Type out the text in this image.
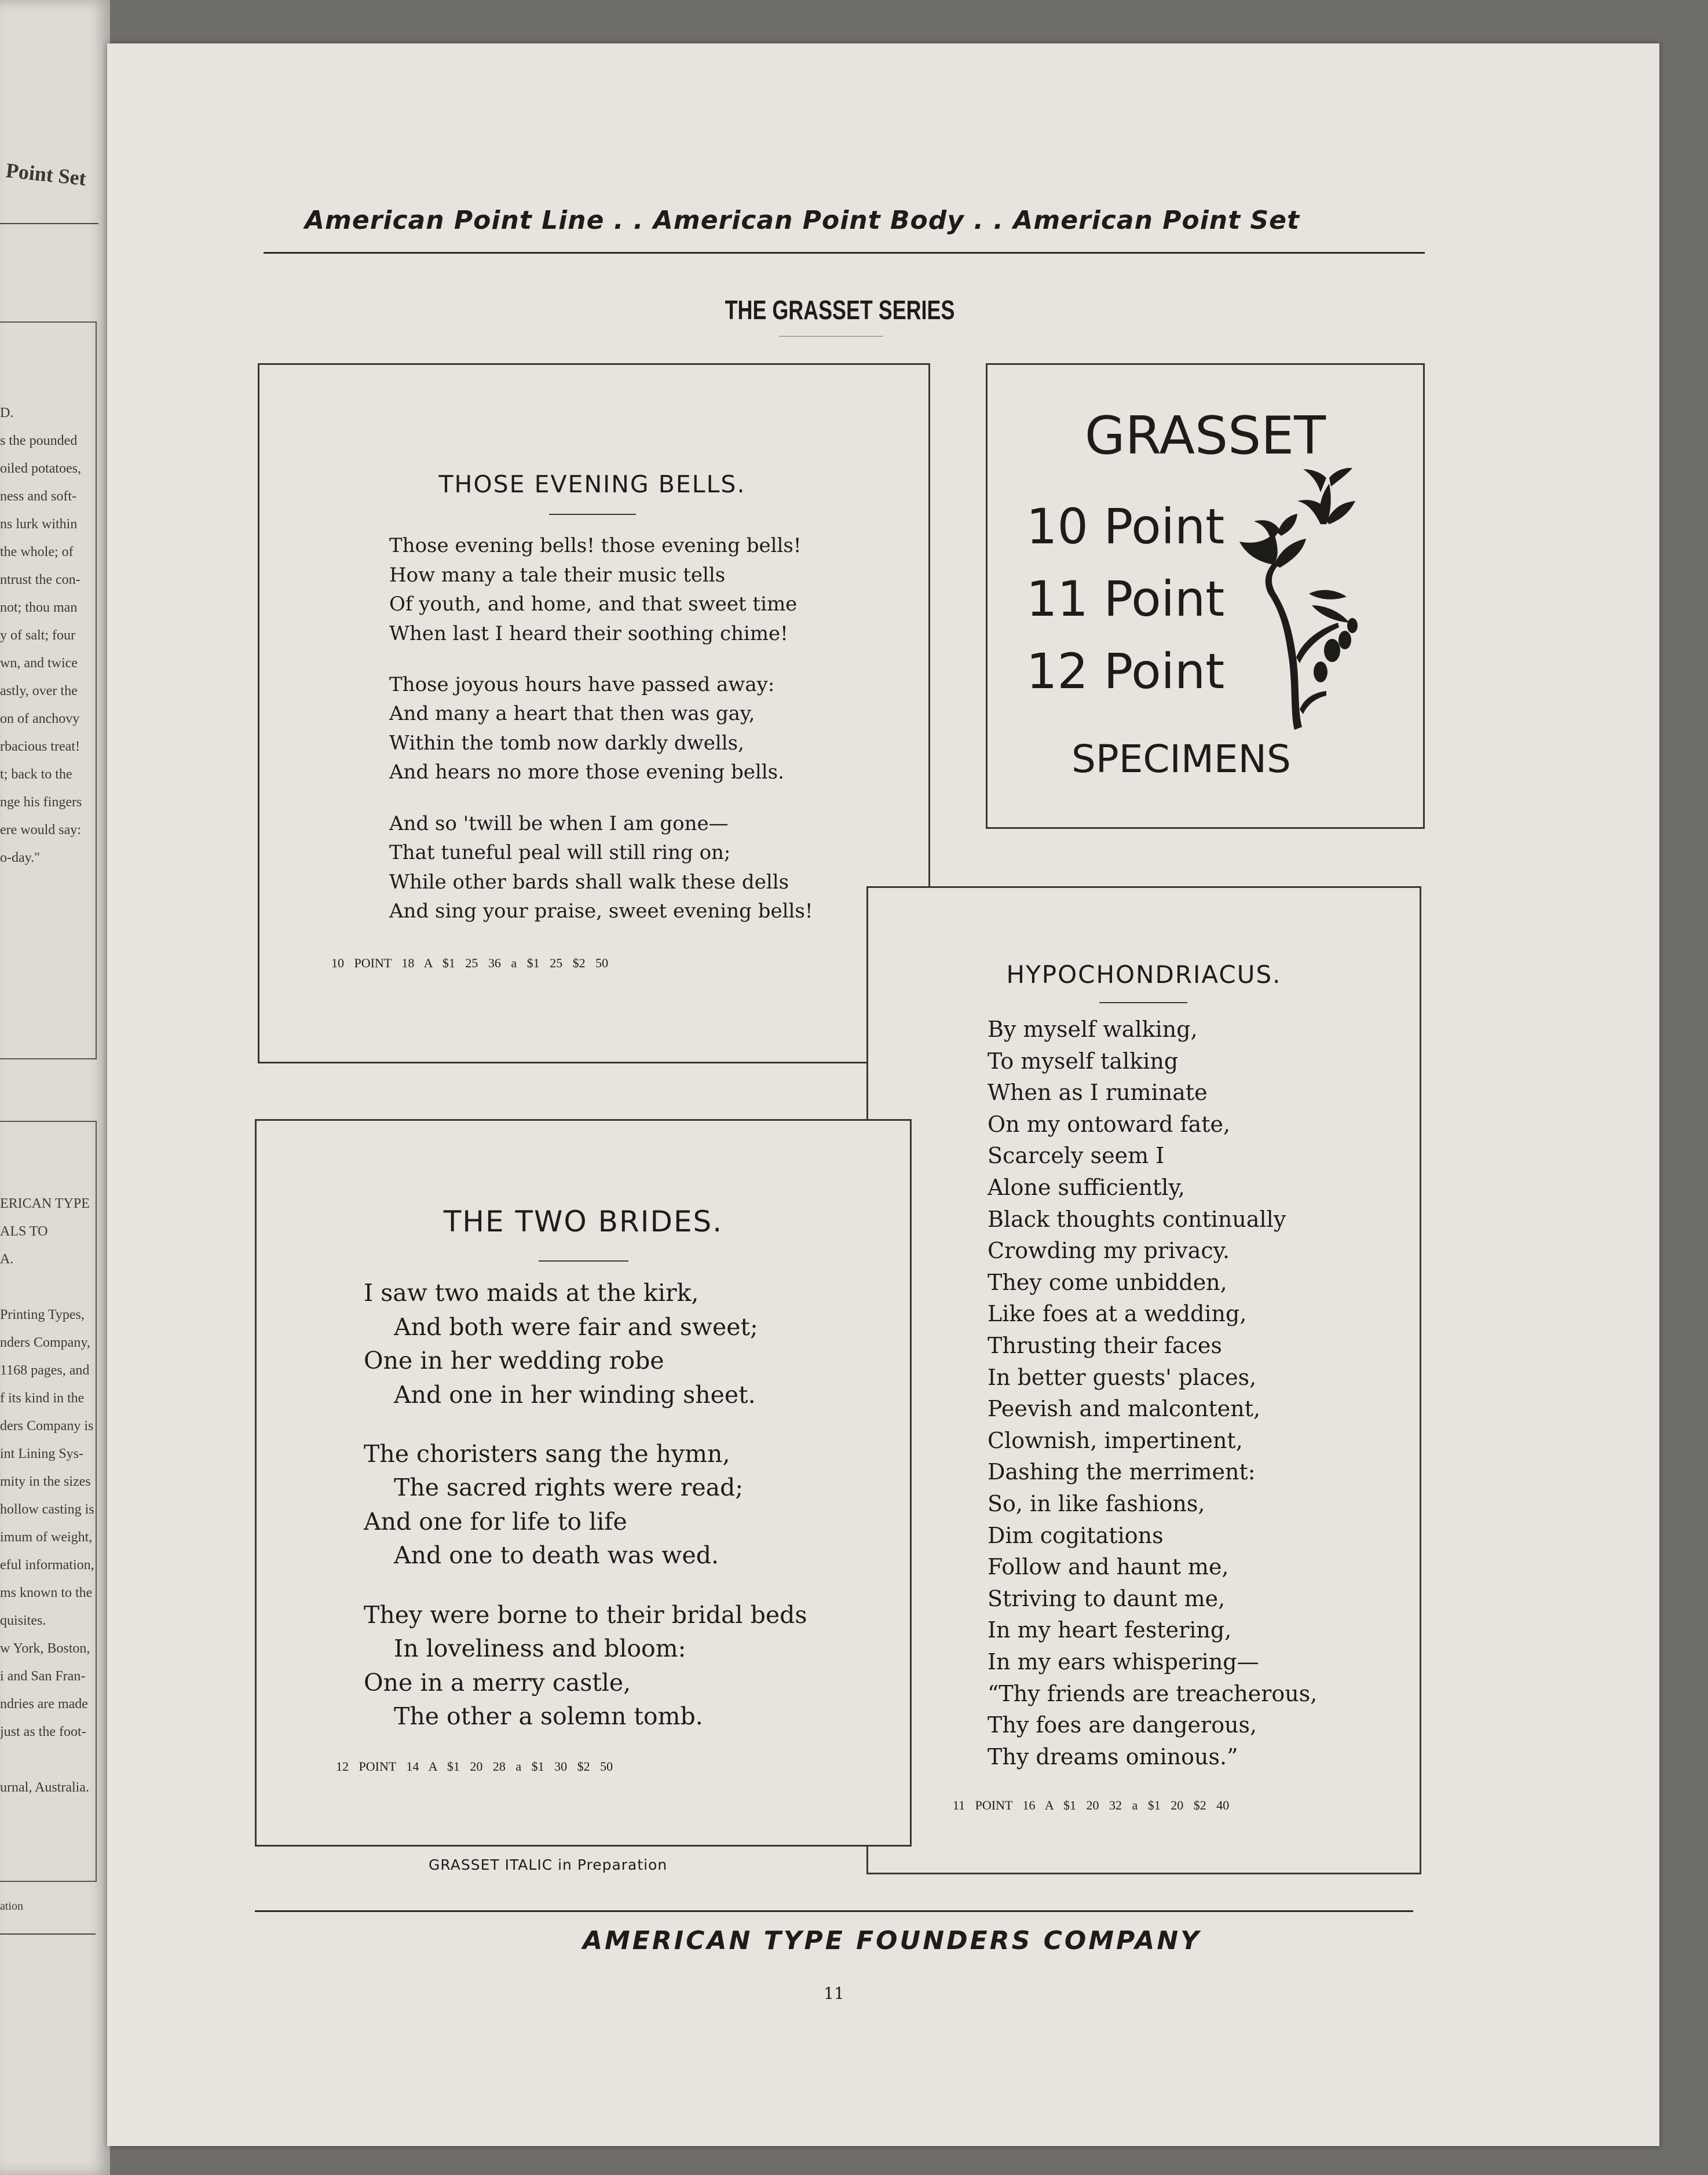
Point Set
D.
s the pounded
oiled potatoes,
ness and soft-
ns lurk within
the whole; of
ntrust the con-
not; thou man
y of salt; four
wn, and twice
astly, over the
on of anchovy
rbacious treat!
t; back to the
nge his fingers
ere would say:
o-day."
ERICAN TYPE
ALS TO
A.
Printing Types,
nders Company,
1168 pages, and
f its kind in the
ders Company is
int Lining Sys-
mity in the sizes
hollow casting is
imum of weight,
eful information,
ms known to the
quisites.
w York, Boston,
i and San Fran-
ndries are made
just as the foot-
urnal, Australia.
ation
American Point Line . . American Point Body . . American Point Set
THE GRASSET SERIES
THOSE EVENING BELLS.
Those evening bells! those evening bells!
How many a tale their music tells
Of youth, and home, and that sweet time
When last I heard their soothing chime!
Those joyous hours have passed away:
And many a heart that then was gay,
Within the tomb now darkly dwells,
And hears no more those evening bells.
And so 'twill be when I am gone—
That tuneful peal will still ring on;
While other bards shall walk these dells
And sing your praise, sweet evening bells!
10 POINT 18 A $1 25 36 a $1 25 $2 50
GRASSET
10 Point
11 Point
12 Point
SPECIMENS
HYPOCHONDRIACUS.
By myself walking,
To myself talking
When as I ruminate
On my ontoward fate,
Scarcely seem I
Alone sufficiently,
Black thoughts continually
Crowding my privacy.
They come unbidden,
Like foes at a wedding,
Thrusting their faces
In better guests' places,
Peevish and malcontent,
Clownish, impertinent,
Dashing the merriment:
So, in like fashions,
Dim cogitations
Follow and haunt me,
Striving to daunt me,
In my heart festering,
In my ears whispering—
“Thy friends are treacherous,
Thy foes are dangerous,
Thy dreams ominous.”
11 POINT 16 A $1 20 32 a $1 20 $2 40
THE TWO BRIDES.
I saw two maids at the kirk,
And both were fair and sweet;
One in her wedding robe
And one in her winding sheet.
The choristers sang the hymn,
The sacred rights were read;
And one for life to life
And one to death was wed.
They were borne to their bridal beds
In loveliness and bloom:
One in a merry castle,
The other a solemn tomb.
12 POINT 14 A $1 20 28 a $1 30 $2 50
GRASSET ITALIC in Preparation
AMERICAN TYPE FOUNDERS COMPANY
11
